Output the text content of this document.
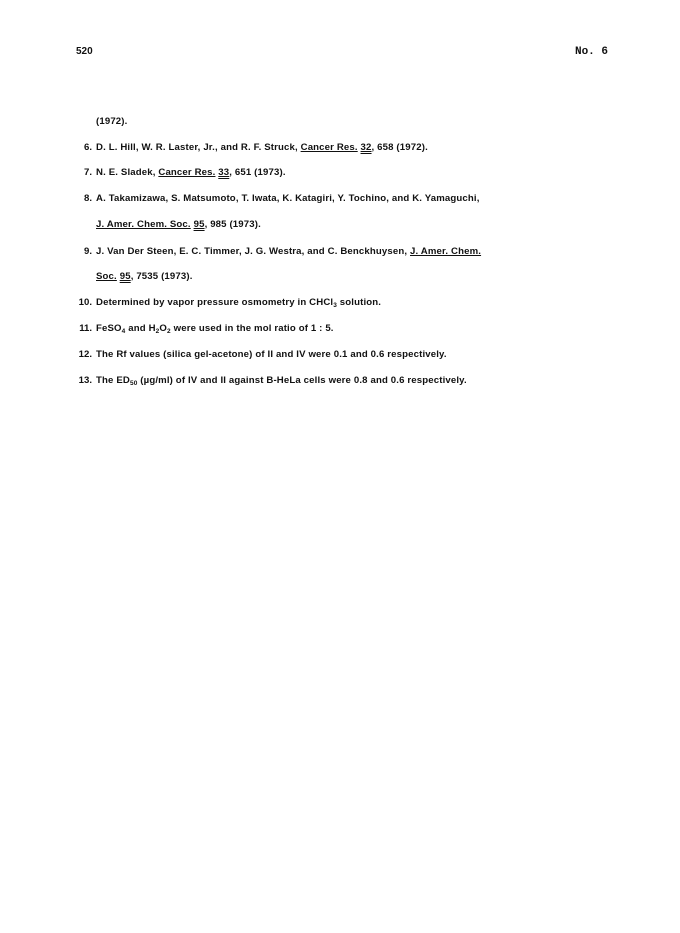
520	No. 6
(1972).
6. D. L. Hill, W. R. Laster, Jr., and R. F. Struck, Cancer Res. 32, 658 (1972).
7. N. E. Sladek, Cancer Res. 33, 651 (1973).
8. A. Takamizawa, S. Matsumoto, T. Iwata, K. Katagiri, Y. Tochino, and K. Yamaguchi,
J. Amer. Chem. Soc. 95, 985 (1973).
9. J. Van Der Steen, E. C. Timmer, J. G. Westra, and C. Benckhuysen, J. Amer. Chem.
Soc. 95, 7535 (1973).
10. Determined by vapor pressure osmometry in CHCl$_3$ solution.
11. FeSO$_4$ and $H_2O_2$ were used in the mol ratio of 1 : 5.
12. The Rf values (silica gel-acetone) of II and IV were 0.1 and 0.6 respectively.
13. The $ED_{50}$ (µg/ml) of IV and II against B-HeLa cells were 0.8 and 0.6 respectively.
